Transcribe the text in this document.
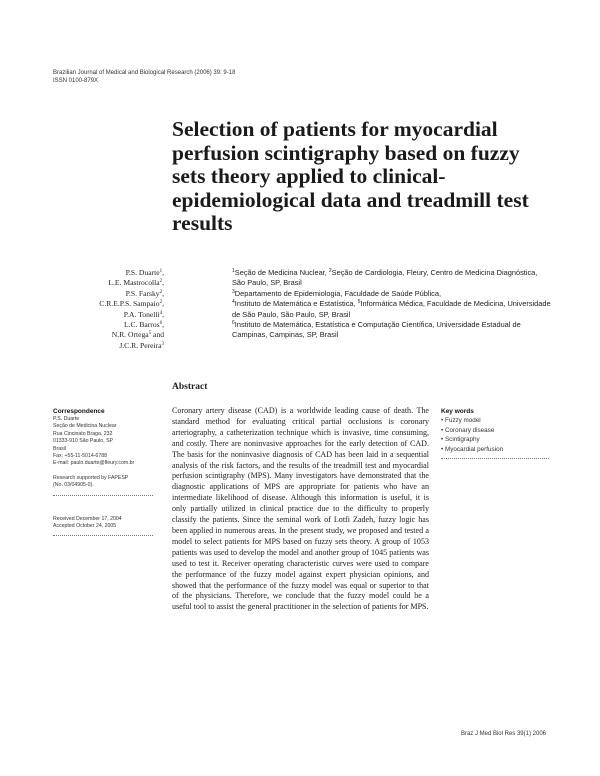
Brazilian Journal of Medical and Biological Research (2006) 39: 9-18
ISSN 0100-879X
Selection of patients for myocardial perfusion scintigraphy based on fuzzy sets theory applied to clinical-epidemiological data and treadmill test results
P.S. Duarte$^1$,
L.E. Mastrocolla$^2$,
P.S. Farsky$^2$,
C.R.E.P.S. Sampaio$^2$,
P.A. Tonelli$^4$,
L.C. Barros$^6$,
N.R. Ortega$^5$ and
J.C.R. Pereira$^3$
$^1$Seção de Medicina Nuclear, $^2$Seção de Cardiologia, Fleury, Centro de Medicina Diagnóstica, São Paulo, SP, Brasil
$^3$Departamento de Epidemiologia, Faculdade de Saúde Pública,
$^4$Instituto de Matemática e Estatística, $^5$Informática Médica, Faculdade de Medicina, Universidade de São Paulo, São Paulo, SP, Brasil
$^6$Instituto de Matemática, Estatística e Computação Científica, Universidade Estadual de Campinas, Campinas, SP, Brasil
Abstract
Correspondence
P.S. Duarte
Seção de Medicina Nuclear
Rua Cincinato Braga, 232
01333-910 São Paulo, SP
Brasil
Fax: +55-11-5014-6788
E-mail: paulo.duarte@fleury.com.br
Research supported by FAPESP
(No. 03/04905-0).
Received December 17, 2004
Accepted October 24, 2005
Coronary artery disease (CAD) is a worldwide leading cause of death. The standard method for evaluating critical partial occlusions is coronary arteriography, a catheterization technique which is invasive, time consuming, and costly. There are noninvasive approaches for the early detection of CAD. The basis for the noninvasive diagnosis of CAD has been laid in a sequential analysis of the risk factors, and the results of the treadmill test and myocardial perfusion scintigraphy (MPS). Many investigators have demonstrated that the diagnostic applications of MPS are appropriate for patients who have an intermediate likelihood of disease. Although this information is useful, it is only partially utilized in clinical practice due to the difficulty to properly classify the patients. Since the seminal work of Lotfi Zadeh, fuzzy logic has been applied in numerous areas. In the present study, we proposed and tested a model to select patients for MPS based on fuzzy sets theory. A group of 1053 patients was used to develop the model and another group of 1045 patients was used to test it. Receiver operating characteristic curves were used to compare the performance of the fuzzy model against expert physician opinions, and showed that the performance of the fuzzy model was equal or superior to that of the physicians. Therefore, we conclude that the fuzzy model could be a useful tool to assist the general practitioner in the selection of patients for MPS.
Key words
• Fuzzy model
• Coronary disease
• Scintigraphy
• Myocardial perfusion
Braz J Med Biol Res 39(1) 2006
